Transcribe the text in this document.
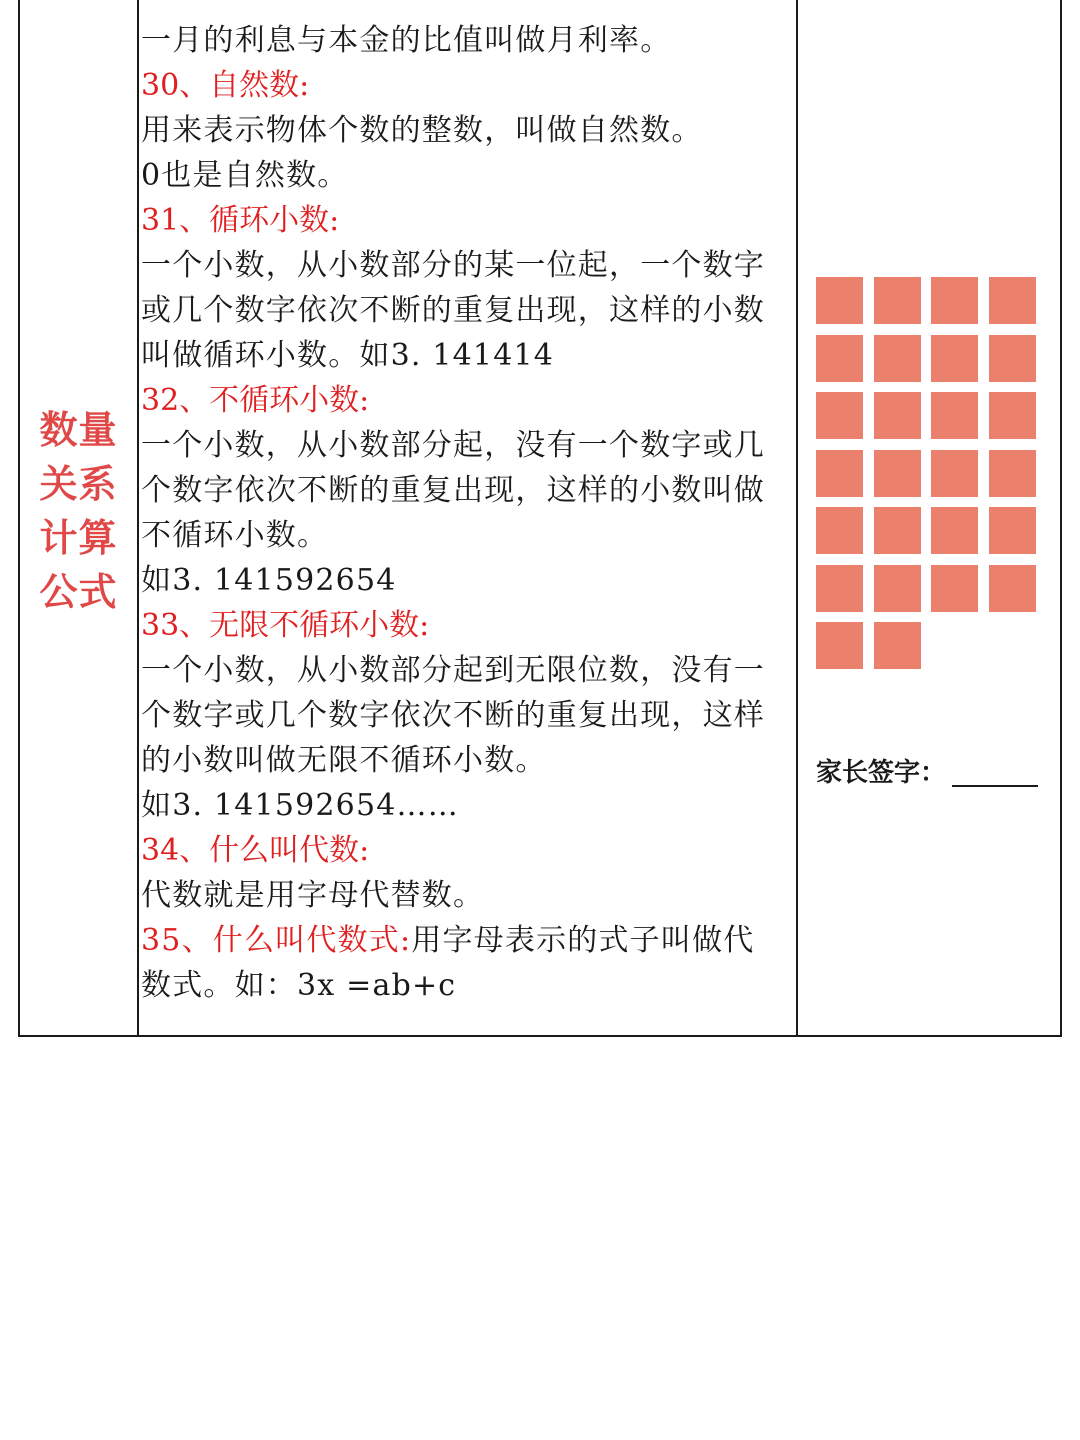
数量
关系
计算
公式

一月的利息与本金的比值叫做月利率。

30、自然数:

用来表示物体个数的整数，叫做自然数。

0也是自然数。

31、循环小数:

一个小数，从小数部分的某一位起，一个数字

或几个数字依次不断的重复出现，这样的小数

叫做循环小数。如3. 141414

32、不循环小数:

一个小数，从小数部分起，没有一个数字或几

个数字依次不断的重复出现，这样的小数叫做

不循环小数。

如3. 141592654

33、无限不循环小数:

一个小数，从小数部分起到无限位数，没有一

个数字或几个数字依次不断的重复出现，这样

的小数叫做无限不循环小数。

如3. 141592654……

34、什么叫代数:

代数就是用字母代替数。

35、什么叫代数式:用字母表示的式子叫做代

数式。如：3x =ab+c

家长签字：
